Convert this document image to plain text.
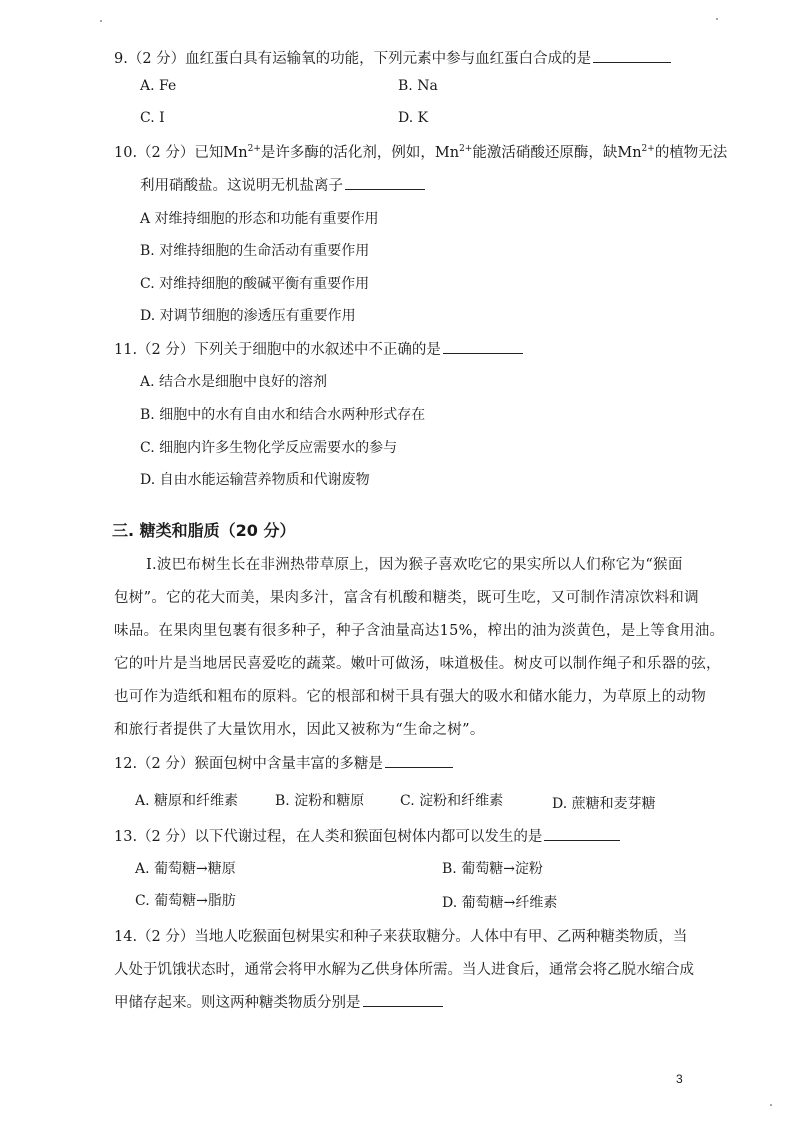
9.（2 分）血红蛋白具有运输氧的功能，下列元素中参与血红蛋白合成的是
A. Fe	B. Na
C. I	D. K
10.（2 分）已知$Mn^{2+}$是许多酶的活化剂，例如，$Mn^{2+}$能激活硝酸还原酶，缺$Mn^{2+}$的植物无法
利用硝酸盐。这说明无机盐离子
A 对维持细胞的形态和功能有重要作用
B. 对维持细胞的生命活动有重要作用
C. 对维持细胞的酸碱平衡有重要作用
D. 对调节细胞的渗透压有重要作用
11.（2 分）下列关于细胞中的水叙述中不正确的是
A. 结合水是细胞中良好的溶剂
B. 细胞中的水有自由水和结合水两种形式存在
C. 细胞内许多生物化学反应需要水的参与
D. 自由水能运输营养物质和代谢废物
三. 糖类和脂质（20 分）
Ⅰ.波巴布树生长在非洲热带草原上，因为猴子喜欢吃它的果实所以人们称它为“猴面
包树”。它的花大而美，果肉多汁，富含有机酸和糖类，既可生吃，又可制作清凉饮料和调
味品。在果肉里包裹有很多种子，种子含油量高达15%，榨出的油为淡黄色，是上等食用油。
它的叶片是当地居民喜爱吃的蔬菜。嫩叶可做汤，味道极佳。树皮可以制作绳子和乐器的弦，
也可作为造纸和粗布的原料。它的根部和树干具有强大的吸水和储水能力，为草原上的动物
和旅行者提供了大量饮用水，因此又被称为“生命之树”。
12.（2 分）猴面包树中含量丰富的多糖是
A. 糖原和纤维素	B. 淀粉和糖原	C. 淀粉和纤维素	D. 蔗糖和麦芽糖
13.（2 分）以下代谢过程，在人类和猴面包树体内都可以发生的是
A. 葡萄糖→糖原	B. 葡萄糖→淀粉
C. 葡萄糖→脂肪	D. 葡萄糖→纤维素
14.（2 分）当地人吃猴面包树果实和种子来获取糖分。人体中有甲、乙两种糖类物质，当
人处于饥饿状态时，通常会将甲水解为乙供身体所需。当人进食后，通常会将乙脱水缩合成
甲储存起来。则这两种糖类物质分别是
3
